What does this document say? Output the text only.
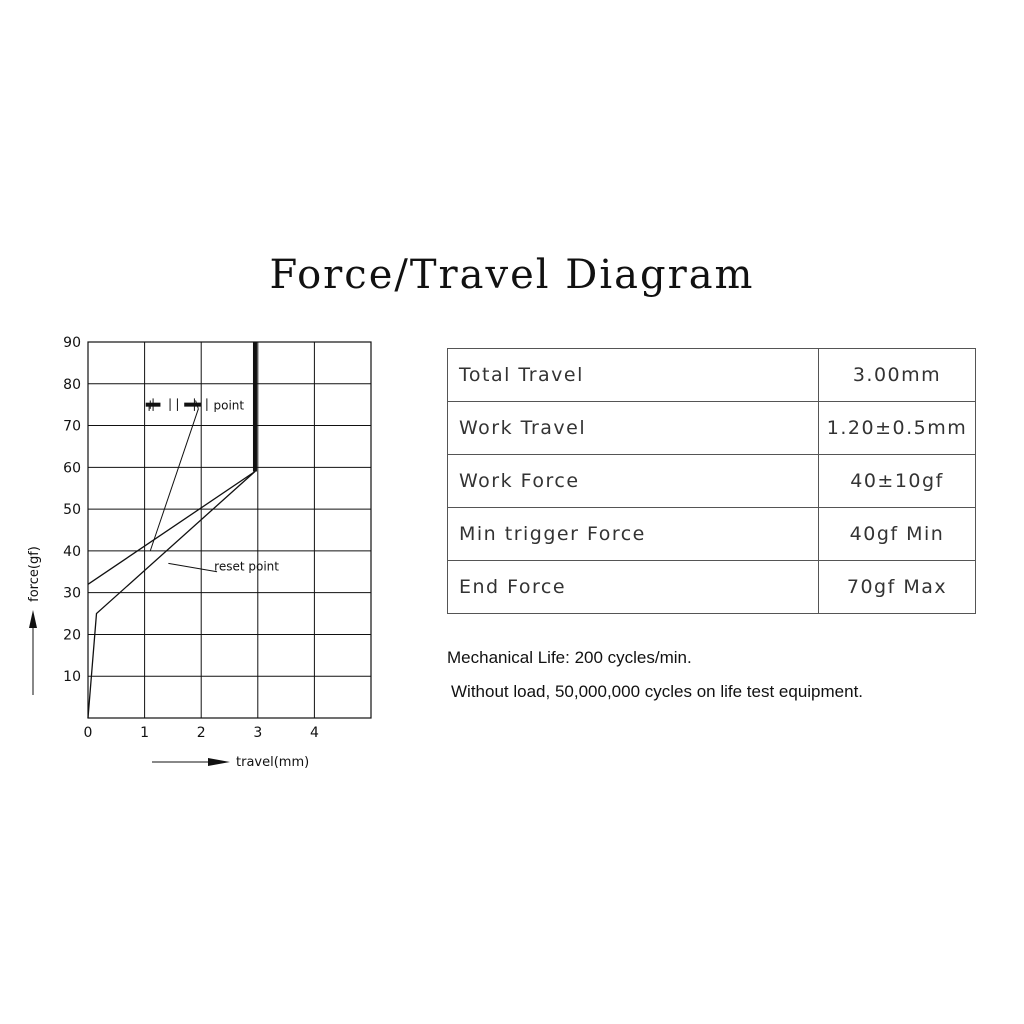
Force/Travel Diagram
10
20
30
40
50
60
70
80
90
0	1	2	3	4
point
reset point
travel(mm)
force(gf)
Total Travel	3.00mm
Work Travel	1.20±0.5mm
Work Force	40±10gf
Min trigger Force	40gf Min
End Force	70gf Max
Mechanical Life: 200 cycles/min.
Without load, 50,000,000 cycles on life test equipment.
